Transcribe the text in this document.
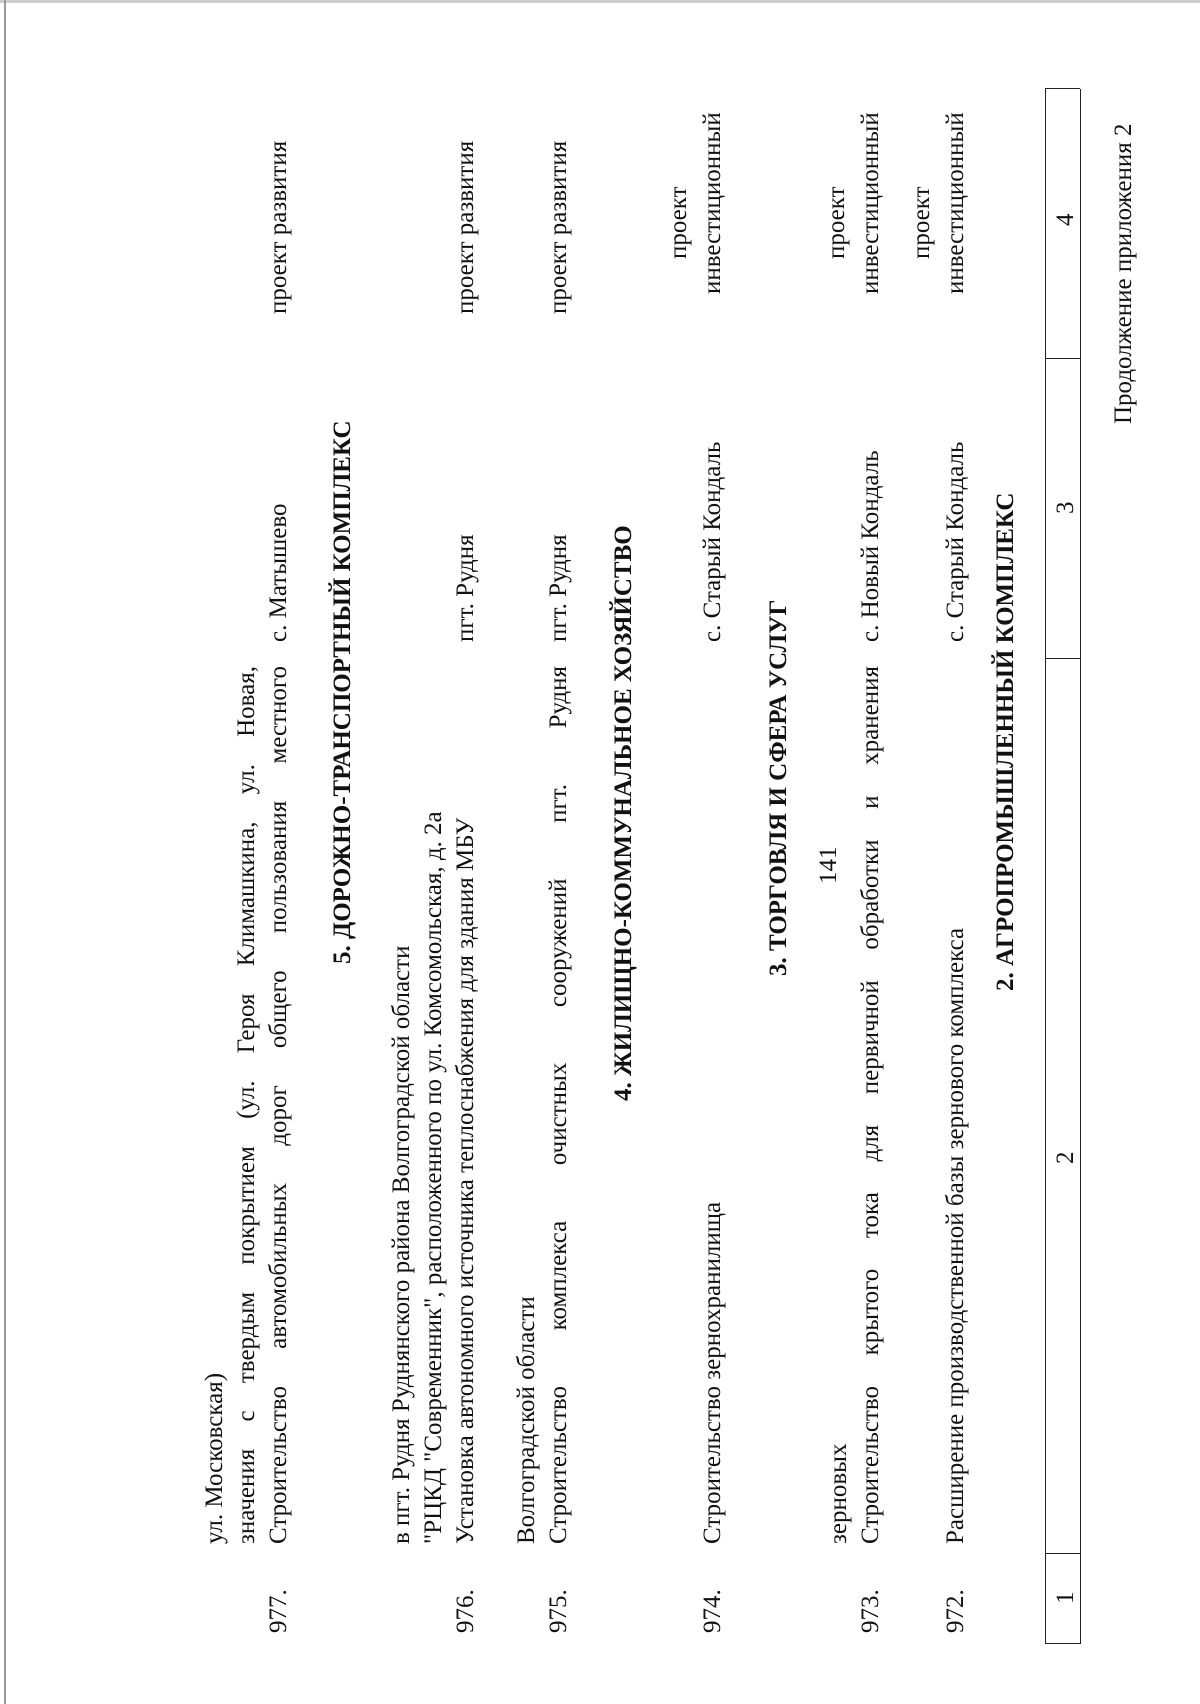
141
Продолжение приложения 2
1
2
3
4
2. АГРОПРОМЫШЛЕННЫЙ КОМПЛЕКС
972.
Расширение производственной базы зернового комплекса
с. Старый Кондаль
инвестиционный
проект
973.
Строительство крытого тока для первичной обработки и хранения
зерновых
с. Новый Кондаль
инвестиционный
проект
3. ТОРГОВЛЯ И СФЕРА УСЛУГ
974.
Строительство зернохранилища
с. Старый Кондаль
инвестиционный
проект
4. ЖИЛИЩНО-КОММУНАЛЬНОЕ ХОЗЯЙСТВО
975.
Строительство комплекса очистных сооружений пгт. Рудня
Волгоградской области
пгт. Рудня
проект развития
976.
Установка автономного источника теплоснабжения для здания МБУ
"РЦКД "Современник", расположенного по ул. Комсомольская, д. 2а
в пгт. Рудня Руднянского района Волгоградской области
пгт. Рудня
проект развития
5. ДОРОЖНО-ТРАНСПОРТНЫЙ КОМПЛЕКС
977.
Строительство автомобильных дорог общего пользования местного
значения с твердым покрытием (ул. Героя Климашкина, ул. Новая,
ул. Московская)
с. Матышево
проект развития
